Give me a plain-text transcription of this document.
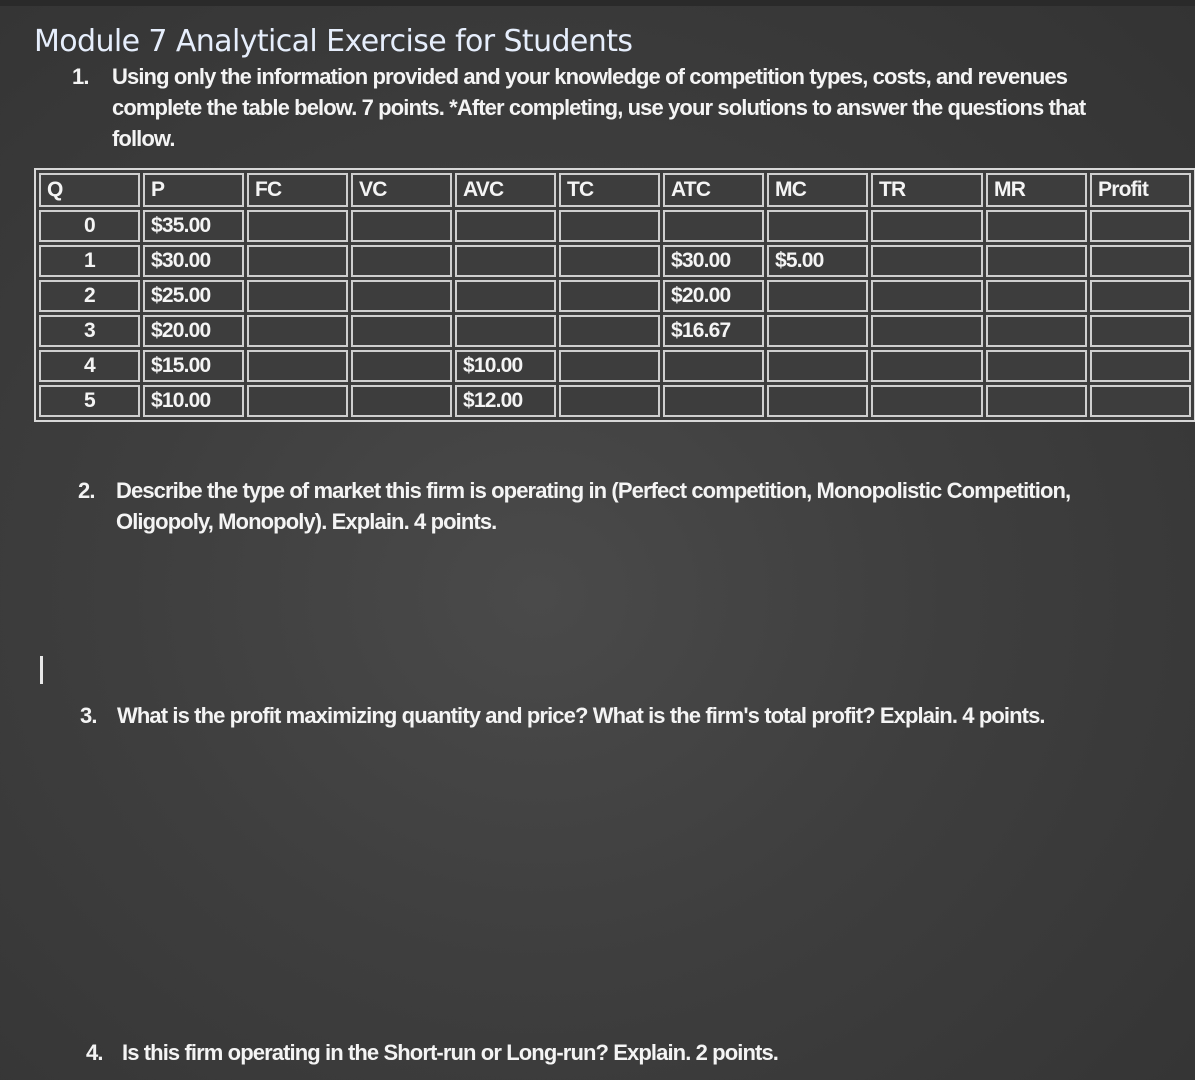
Module 7 Analytical Exercise for Students
1. Using only the information provided and your knowledge of competition types, costs, and revenues complete the table below. 7 points. *After completing, use your solutions to answer the questions that follow.
Q	P	FC	VC	AVC	TC	ATC	MC	TR	MR	Profit
0	$35.00									
1	$30.00					$30.00	$5.00			
2	$25.00					$20.00				
3	$20.00					$16.67				
4	$15.00			$10.00						
5	$10.00			$12.00						
2. Describe the type of market this firm is operating in (Perfect competition, Monopolistic Competition, Oligopoly, Monopoly). Explain. 4 points.
3. What is the profit maximizing quantity and price? What is the firm's total profit? Explain. 4 points.
4. Is this firm operating in the Short-run or Long-run? Explain. 2 points.
